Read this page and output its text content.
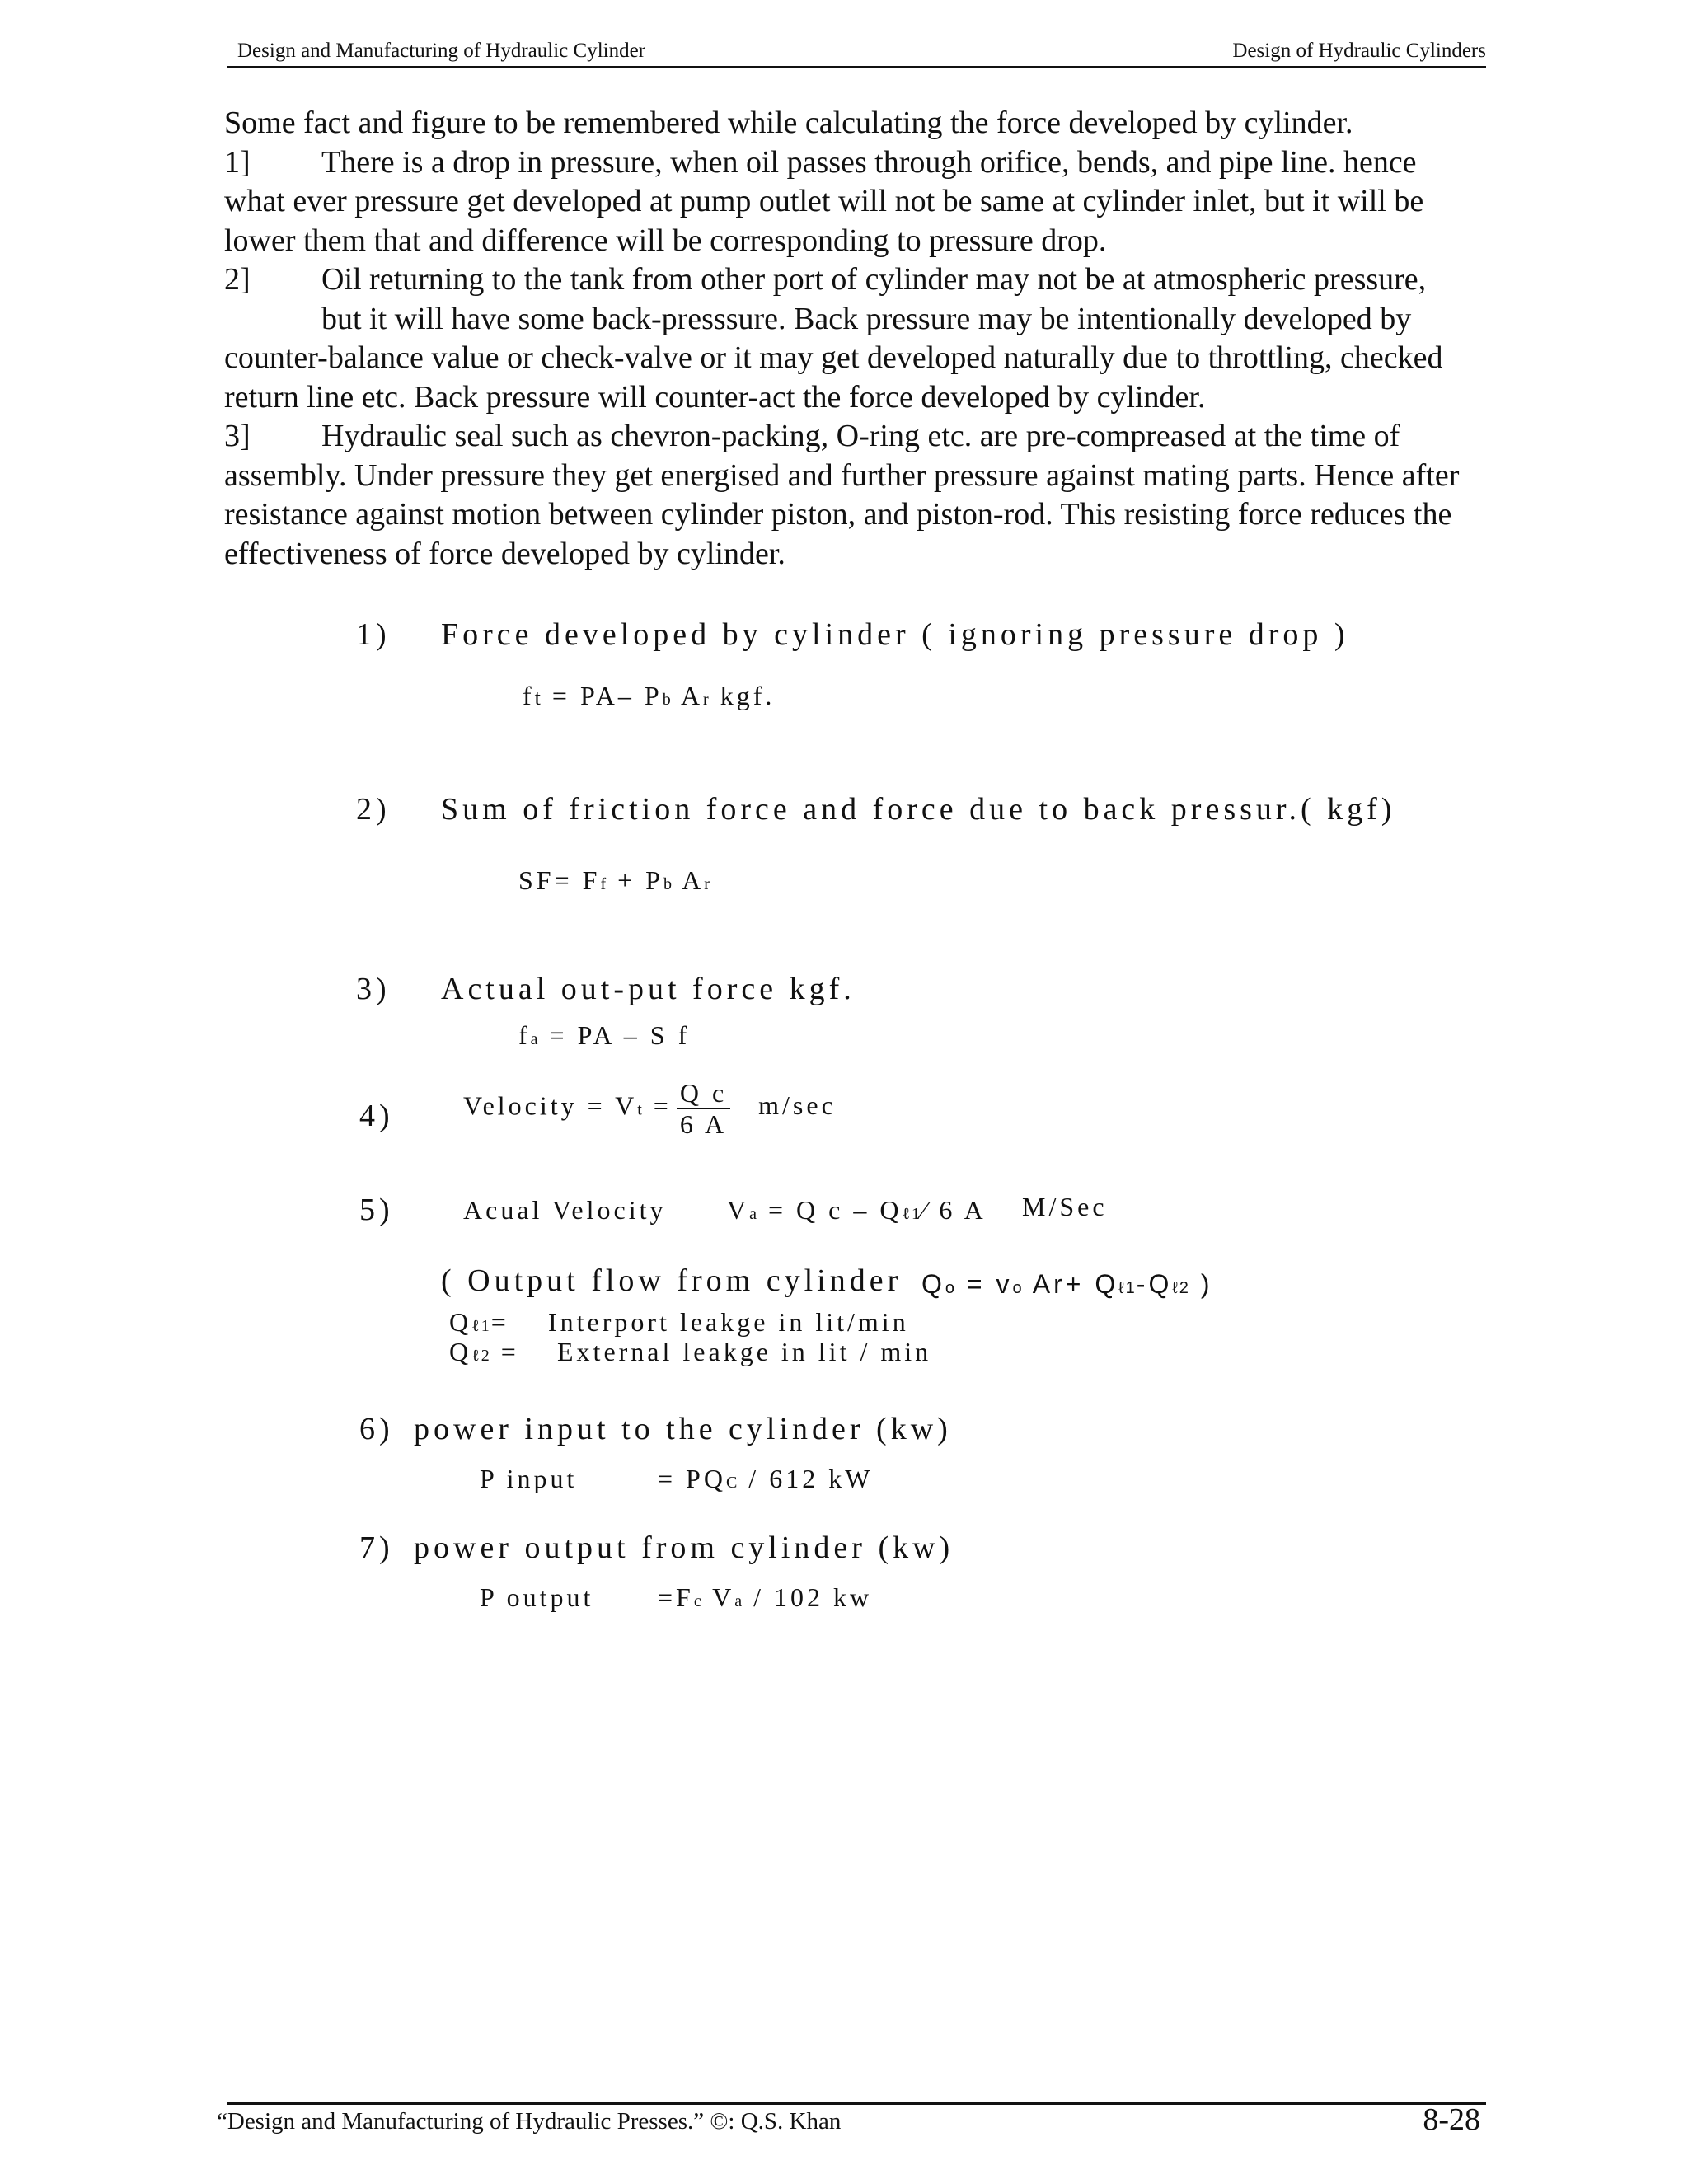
Design and Manufacturing of Hydraulic Cylinder	Design of Hydraulic Cylinders
Some fact and figure to be remembered while calculating the force developed by cylinder.
1] There is a drop in pressure, when oil passes through orifice, bends, and pipe line. hence
what ever pressure get developed at pump outlet will not be same at cylinder inlet, but it will be
lower them that and difference will be corresponding to pressure drop.
2] Oil returning to the tank from other port of cylinder may not be at atmospheric pressure,
but it will have some back-presssure. Back pressure may be intentionally developed by
counter-balance value or check-valve or it may get developed naturally due to throttling, checked
return line etc. Back pressure will counter-act the force developed by cylinder.
3] Hydraulic seal such as chevron-packing, O-ring etc. are pre-compreased at the time of
assembly. Under pressure they get energised and further pressure against mating parts. Hence after
resistance against motion between cylinder piston, and piston-rod. This resisting force reduces the
effectiveness of force developed by cylinder.
1) Force developed by cylinder ( ignoring pressure drop )
ft = PA– Pb Ar kgf.
2) Sum of friction force and force due to back pressur.( kgf)
SF= Ff + Pb Ar
3) Actual out-put force kgf.
fa = PA – S f
4)	Velocity = $Vt = \frac{\text{Q c}}{6 A} m/\sec$
5)	Acual Velocity Va = Q c – Qℓ1∕ 6 A M/Sec
( Output flow from cylinder Qo = vo Ar+ Qℓ1-Qℓ2 )
Qℓ1= Interport leakge in lit/min
Qℓ2 = External leakge in lit / min
6) power input to the cylinder (kw)
P input	= PQC / 612 kW
7) power output from cylinder (kw)
P output =Fc Va / 102 kw
“Design and Manufacturing of Hydraulic Presses.” ©: Q.S. Khan	8-28
